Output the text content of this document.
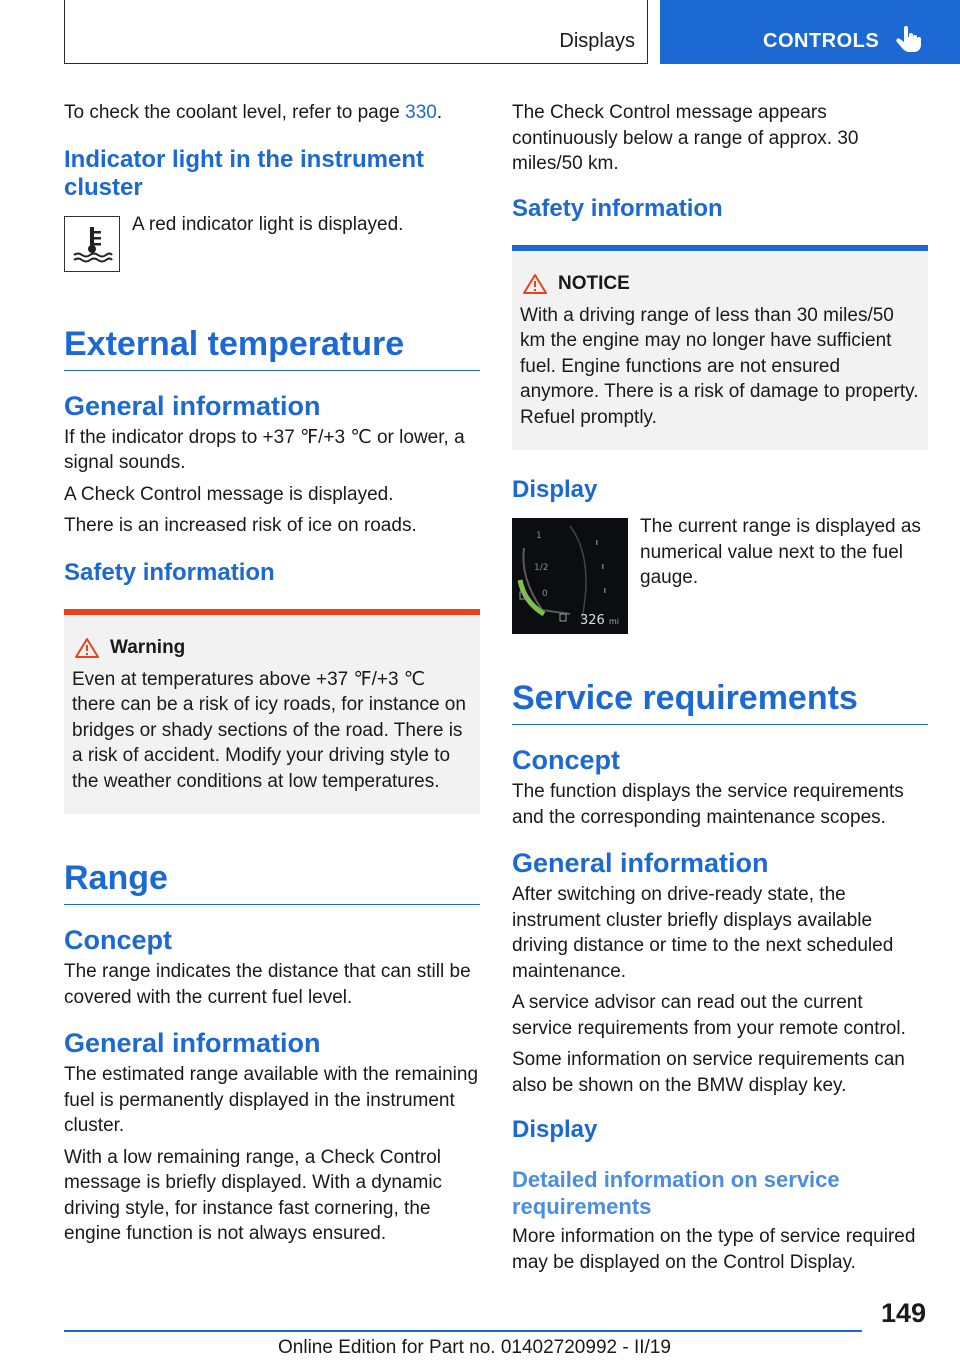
Displays	CONTROLS

To check the coolant level, refer to page 330.

Indicator light in the instrument cluster

A red indicator light is displayed.

External temperature
General information

If the indicator drops to +37 ℉/+3 ℃ or lower, a signal sounds.

A Check Control message is displayed.

There is an increased risk of ice on roads.

Safety information
Warning

Even at temperatures above +37 ℉/+3 ℃ there can be a risk of icy roads, for instance on bridges or shady sections of the road. There is a risk of accident. Modify your driving style to the weather conditions at low temperatures.

Range
Concept

The range indicates the distance that can still be covered with the current fuel level.

General information

The estimated range available with the remaining fuel is permanently displayed in the instrument cluster.

With a low remaining range, a Check Control message is briefly displayed. With a dynamic driving style, for instance fast cornering, the engine function is not always ensured.

The Check Control message appears continuously below a range of approx. 30 miles/50 km.

Safety information
NOTICE

With a driving range of less than 30 miles/50 km the engine may no longer have sufficient fuel. Engine functions are not ensured anymore. There is a risk of damage to property. Refuel promptly.

Display
1
1/2
0
326 mi

The current range is displayed as numerical value next to the fuel gauge.

Service requirements
Concept

The function displays the service requirements and the corresponding maintenance scopes.

General information

After switching on drive-ready state, the instrument cluster briefly displays available driving distance or time to the next scheduled maintenance.

A service advisor can read out the current service requirements from your remote control.

Some information on service requirements can also be shown on the BMW display key.

Display
Detailed information on service requirements

More information on the type of service required may be displayed on the Control Display.

149
Online Edition for Part no. 01402720992 - II/19
